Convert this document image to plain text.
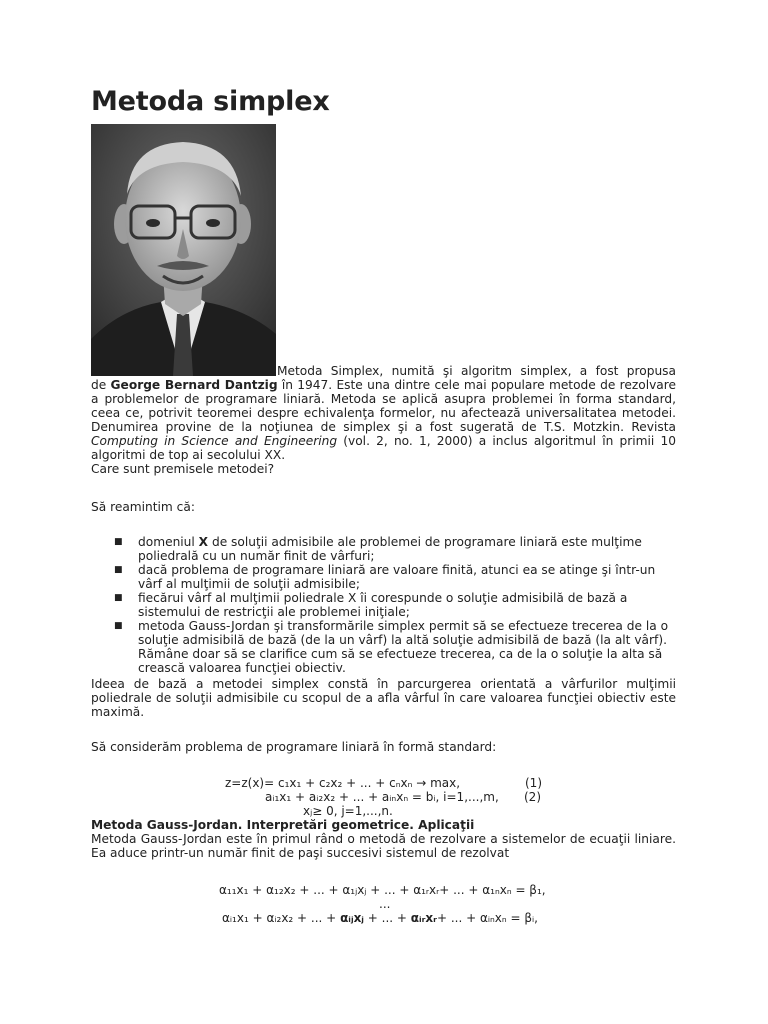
Metoda simplex
Metoda Simplex, numită şi algoritm simplex, a fost propusa
de George Bernard Dantzig în 1947. Este una dintre cele mai populare metode de rezolvare a problemelor de programare liniară. Metoda se aplică asupra problemei în forma standard, ceea ce, potrivit teoremei despre echivalenţa formelor, nu afectează universalitatea metodei. Denumirea provine de la noţiunea de simplex şi a fost sugerată de T.S. Motzkin. Revista Computing in Science and Engineering (vol. 2, no. 1, 2000) a inclus algoritmul în primii 10 algoritmi de top ai secolului XX.
Care sunt premisele metodei?
Să reamintim că:
■ domeniul X de soluţii admisibile ale problemei de programare liniară este mulţime poliedrală cu un număr finit de vârfuri;
■ dacă problema de programare liniară are valoare finită, atunci ea se atinge şi într-un vârf al mulţimii de soluţii admisibile;
■ fiecărui vârf al mulţimii poliedrale X îi corespunde o soluţie admisibilă de bază a sistemului de restricţii ale problemei iniţiale;
■ metoda Gauss-Jordan şi transformările simplex permit să se efectueze trecerea de la o soluţie admisibilă de bază (de la un vârf) la altă soluţie admisibilă de bază (la alt vârf). Rămâne doar să se clarifice cum să se efectueze trecerea, ca de la o soluţie la alta să crească valoarea funcţiei obiectiv.
Ideea de bază a metodei simplex constă în parcurgerea orientată a vârfurilor mulţimii poliedrale de soluţii admisibile cu scopul de a afla vârful în care valoarea funcţiei obiectiv este maximă.
Să considerăm problema de programare liniară în formă standard:
z=z(x)= c₁x₁ + c₂x₂ + ... + cₙxₙ → max,	(1)
aᵢ₁x₁ + aᵢ₂x₂ + ... + aᵢₙxₙ = bᵢ, i=1,...,m, (2)
xⱼ≥ 0, j=1,...,n.
Metoda Gauss-Jordan. Interpretări geometrice. Aplicaţii
Metoda Gauss-Jordan este în primul rând o metodă de rezolvare a sistemelor de ecuaţii liniare. Ea aduce printr-un număr finit de paşi succesivi sistemul de rezolvat
α₁₁x₁ + α₁₂x₂ + ... + α₁ⱼxⱼ + ... + α₁ᵣxᵣ+ ... + α₁ₙxₙ = β₁,
...
αᵢ₁x₁ + αᵢ₂x₂ + ... + αᵢⱼxⱼ + ... + αᵢᵣxᵣ+ ... + αᵢₙxₙ = βᵢ,
